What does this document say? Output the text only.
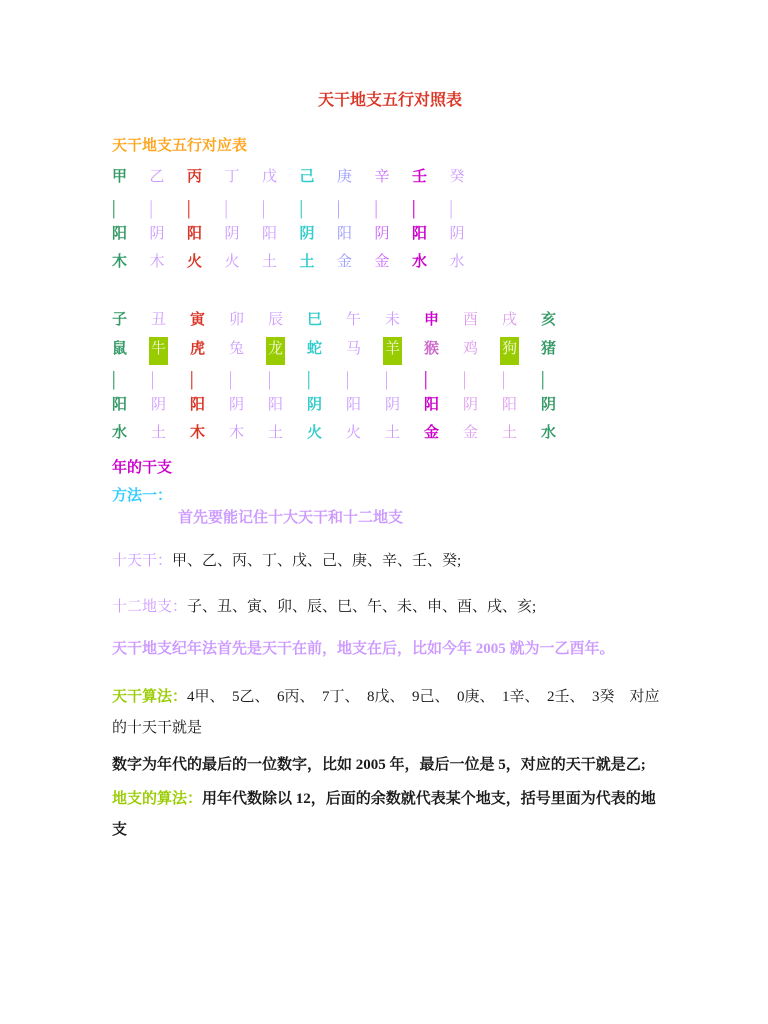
天干地支五行对照表
天干地支五行对应表
甲
|
阳
木
乙
|
阴
木
丙
|
阳
火
丁
|
阴
火
戊
|
阳
土
己
|
阴
土
庚
|
阳
金
辛
|
阴
金
壬
|
阳
水
癸
|
阴
水
子
鼠
|
阳
水
丑
牛
|
阴
土
寅
虎
|
阳
木
卯
兔
|
阴
木
辰
龙
|
阳
土
巳
蛇
|
阴
火
午
马
|
阳
火
未
羊
|
阴
土
申
猴
|
阳
金
酉
鸡
|
阴
金
戌
狗
|
阳
土
亥
猪
|
阴
水

年的干支

方法一：

首先要能记住十大天干和十二地支

十天干：甲、乙、丙、丁、戊、己、庚、辛、壬、癸;

十二地支：子、丑、寅、卯、辰、巳、午、未、申、酉、戌、亥;

天干地支纪年法首先是天干在前，地支在后，比如今年 2005 就为一乙酉年。

天干算法：4甲、　5乙、　6丙、　7丁、　8戊、　9己、　0庚、　1辛、　2壬、　3癸　对应的十天干就是

数字为年代的最后的一位数字，比如 2005 年，最后一位是 5，对应的天干就是乙;

地支的算法：用年代数除以 12，后面的余数就代表某个地支，括号里面为代表的地支
